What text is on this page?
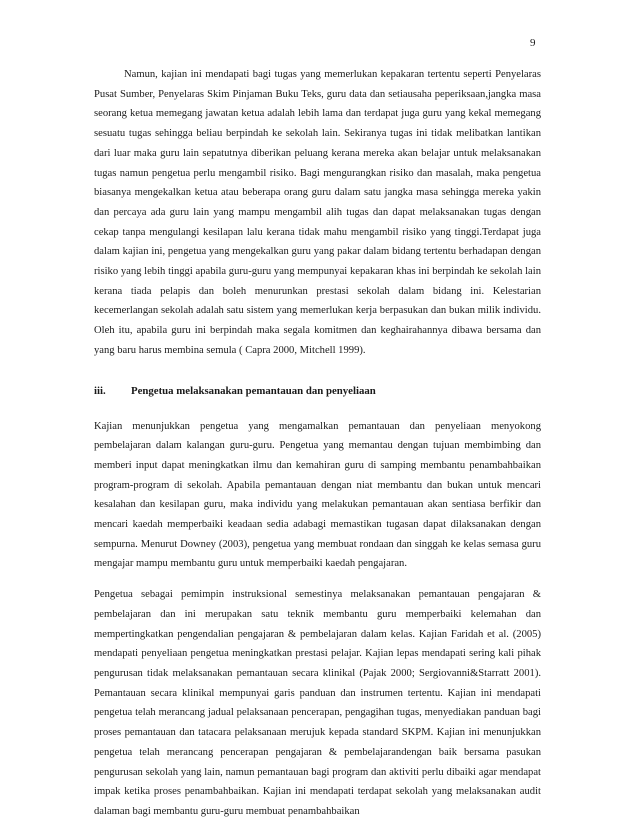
9

Namun, kajian ini mendapati bagi tugas yang memerlukan kepakaran tertentu seperti Penyelaras Pusat Sumber, Penyelaras Skim Pinjaman Buku Teks, guru data dan setiausaha peperiksaan,jangka masa seorang ketua memegang jawatan ketua adalah lebih lama dan terdapat juga guru yang kekal memegang sesuatu tugas sehingga beliau berpindah ke sekolah lain. Sekiranya tugas ini tidak melibatkan lantikan dari luar maka guru lain sepatutnya diberikan peluang kerana mereka akan belajar untuk melaksanakan tugas namun pengetua perlu mengambil risiko. Bagi mengurangkan risiko dan masalah, maka pengetua biasanya mengekalkan ketua atau beberapa orang guru dalam satu jangka masa sehingga mereka yakin dan percaya ada guru lain yang mampu mengambil alih tugas dan dapat melaksanakan tugas dengan cekap tanpa mengulangi kesilapan lalu kerana tidak mahu mengambil risiko yang tinggi.Terdapat juga dalam kajian ini, pengetua yang mengekalkan guru yang pakar dalam bidang tertentu berhadapan dengan risiko yang lebih tinggi apabila guru-guru yang mempunyai kepakaran khas ini berpindah ke sekolah lain kerana tiada pelapis dan boleh menurunkan prestasi sekolah dalam bidang ini. Kelestarian kecemerlangan sekolah adalah satu sistem yang memerlukan kerja berpasukan dan bukan milik individu. Oleh itu, apabila guru ini berpindah maka segala komitmen dan keghairahannya dibawa bersama dan yang baru harus membina semula ( Capra 2000, Mitchell 1999).

iii.	Pengetua melaksanakan pemantauan dan penyeliaan

Kajian menunjukkan pengetua yang mengamalkan pemantauan dan penyeliaan menyokong pembelajaran dalam kalangan guru-guru. Pengetua yang memantau dengan tujuan membimbing dan memberi input dapat meningkatkan ilmu dan kemahiran guru di samping membantu penambahbaikan program-program di sekolah. Apabila pemantauan dengan niat membantu dan bukan untuk mencari kesalahan dan kesilapan guru, maka individu yang melakukan pemantauan akan sentiasa berfikir dan mencari kaedah memperbaiki keadaan sedia adabagi memastikan tugasan dapat dilaksanakan dengan sempurna. Menurut Downey (2003), pengetua yang membuat rondaan dan singgah ke kelas semasa guru mengajar mampu membantu guru untuk memperbaiki kaedah pengajaran.

Pengetua sebagai pemimpin instruksional semestinya melaksanakan pemantauan pengajaran & pembelajaran dan ini merupakan satu teknik membantu guru memperbaiki kelemahan dan mempertingkatkan pengendalian pengajaran & pembelajaran dalam kelas. Kajian Faridah et al. (2005) mendapati penyeliaan pengetua meningkatkan prestasi pelajar. Kajian lepas mendapati sering kali pihak pengurusan tidak melaksanakan pemantauan secara klinikal (Pajak 2000; Sergiovanni&Starratt 2001). Pemantauan secara klinikal mempunyai garis panduan dan instrumen tertentu. Kajian ini mendapati pengetua telah merancang jadual pelaksanaan pencerapan, pengagihan tugas, menyediakan panduan bagi proses pemantauan dan tatacara pelaksanaan merujuk kepada standard SKPM. Kajian ini menunjukkan pengetua telah merancang pencerapan pengajaran & pembelajarandengan baik bersama pasukan pengurusan sekolah yang lain, namun pemantauan bagi program dan aktiviti perlu dibaiki agar mendapat impak ketika proses penambahbaikan. Kajian ini mendapati terdapat sekolah yang melaksanakan audit dalaman bagi membantu guru-guru membuat penambahbaikan
